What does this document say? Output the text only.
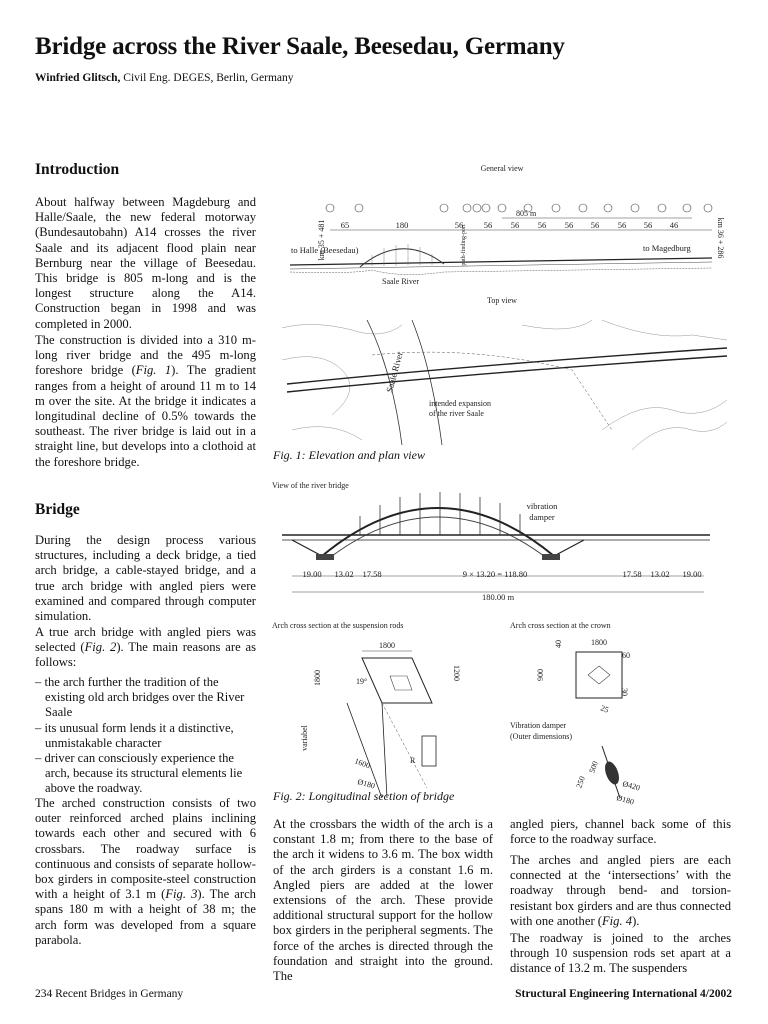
Bridge across the River Saale, Beesedau, Germany
Winfried Glitsch, Civil Eng. DEGES, Berlin, Germany
Introduction

About halfway between Magdeburg and Halle/Saale, the new federal motorway (Bundesautobahn) A14 crosses the river Saale and its adjacent flood plain near Bernburg near the village of Beesedau. This bridge is 805 m-long and is the longest structure along the A14. Construction began in 1998 and was completed in 2000.

The construction is divided into a 310 m-long river bridge and the 495 m-long foreshore bridge (Fig. 1). The gradient ranges from a height of around 11 m to 14 m over the site. At the bridge it indicates a longitudinal decline of 0.5% towards the southeast. The river bridge is laid out in a straight line, but develops into a clothoid at the foreshore bridge.

Bridge

During the design process various structures, including a deck bridge, a tied arch bridge, a cable-stayed bridge, and a true arch bridge with angled piers were examined and compared through computer simulation.

A true arch bridge with angled piers was selected (Fig. 2). The main reasons are as follows:

– the arch further the tradition of the existing old arch bridges over the River Saale
– its unusual form lends it a distinctive, unmistakable character
– driver can consciously experience the arch, because its structural elements lie above the roadway.

The arched construction consists of two outer reinforced arched plains inclining towards each other and secured with 6 crossbars. The roadway surface is continuous and consists of separate hollow-box girders in composite-steel construction with a height of 3.1 m (Fig. 3). The arch spans 180 m with a height of 38 m; the arch form was developed from a square parabola.

General view
km 35 + 481	km 36 + 286
805 m
65	180	56 56 56 56 56 56 56 56 46
to Halle (Beesedau)	to Magedburg
path-finding-port
Saale River
Top view
Saale River
intended expansion of the river Saale
Fig. 1: Elevation and plan view
View of the river bridge
vibration damper
19.00 13.02 17.58	9 × 13.20 = 118.80	17.58 13.02 19.00
180.00 m
Arch cross section at the suspension rods
1800
1800	1200
19°
variabel
1600	R
Ø180
Arch cross section at the crown
1800
40
60
900
25
30
Vibration damper (Outer dimensions)
500
250	Ø420
Ø180
Fig. 2: Longitudinal section of bridge

At the crossbars the width of the arch is a constant 1.8 m; from there to the base of the arch it widens to 3.6 m. The box width of the arch girders is a constant 1.6 m. Angled piers are added at the lower extensions of the arch. These provide additional structural support for the hollow box girders in the peripheral segments. The force of the arches is directed through the foundation and straight into the ground. The

angled piers, channel back some of this force to the roadway surface.

The arches and angled piers are each connected at the ‘intersections’ with the roadway through bend- and torsion-resistant box girders and are thus connected with one another (Fig. 4).

The roadway is joined to the arches through 10 suspension rods set apart at a distance of 13.2 m. The suspenders

234 Recent Bridges in Germany	Structural Engineering International 4/2002
